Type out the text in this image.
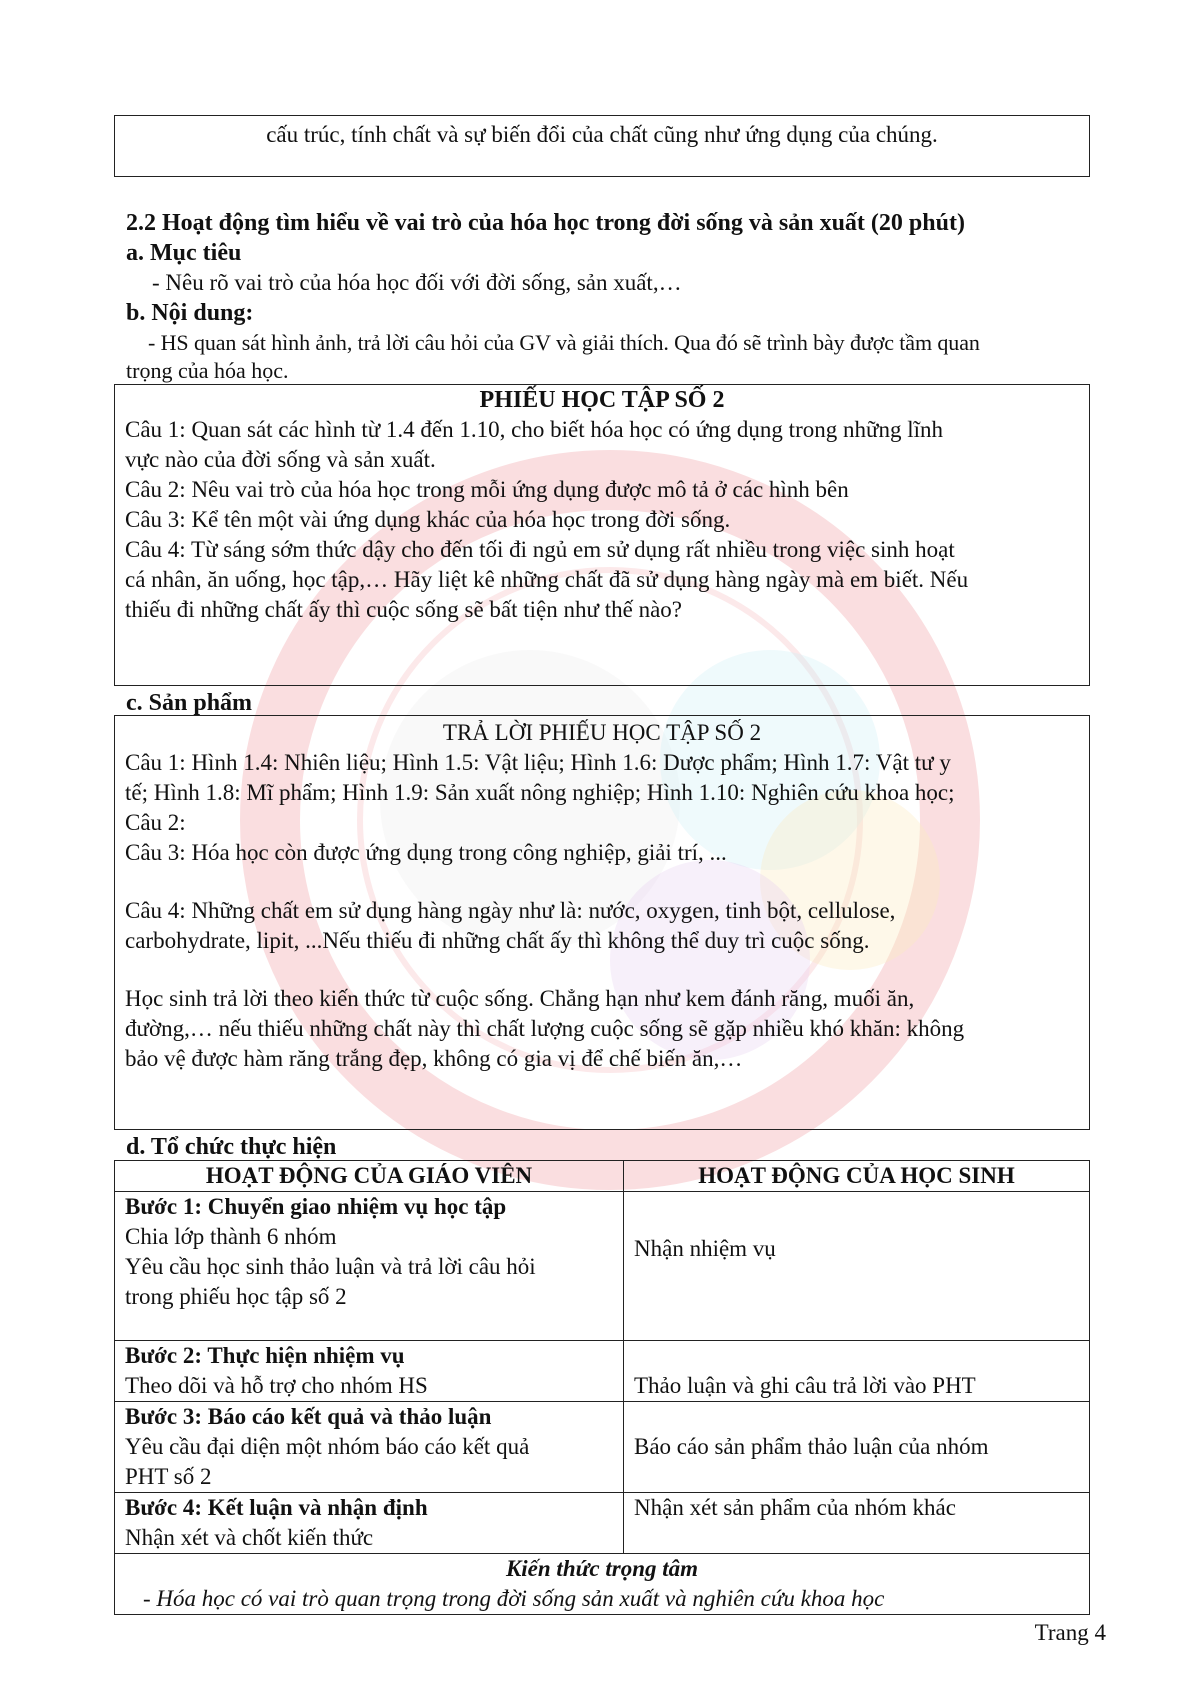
cấu trúc, tính chất và sự biến đổi của chất cũng như ứng dụng của chúng.
2.2 Hoạt động tìm hiểu về vai trò của hóa học trong đời sống và sản xuất (20 phút)
a. Mục tiêu
- Nêu rõ vai trò của hóa học đối với đời sống, sản xuất,…
b. Nội dung:
- HS quan sát hình ảnh, trả lời câu hỏi của GV và giải thích. Qua đó sẽ trình bày được tầm quan
trọng của hóa học.
PHIẾU HỌC TẬP SỐ 2
Câu 1: Quan sát các hình từ 1.4 đến 1.10, cho biết hóa học có ứng dụng trong những lĩnh
vực nào của đời sống và sản xuất.
Câu 2: Nêu vai trò của hóa học trong mỗi ứng dụng được mô tả ở các hình bên
Câu 3: Kể tên một vài ứng dụng khác của hóa học trong đời sống.
Câu 4: Từ sáng sớm thức dậy cho đến tối đi ngủ em sử dụng rất nhiều trong việc sinh hoạt
cá nhân, ăn uống, học tập,… Hãy liệt kê những chất đã sử dụng hàng ngày mà em biết. Nếu
thiếu đi những chất ấy thì cuộc sống sẽ bất tiện như thế nào?
c. Sản phẩm
TRẢ LỜI PHIẾU HỌC TẬP SỐ 2
Câu 1: Hình 1.4: Nhiên liệu; Hình 1.5: Vật liệu; Hình 1.6: Dược phẩm; Hình 1.7: Vật tư y
tế; Hình 1.8: Mĩ phẩm; Hình 1.9: Sản xuất nông nghiệp; Hình 1.10: Nghiên cứu khoa học;
Câu 2:
Câu 3: Hóa học còn được ứng dụng trong công nghiệp, giải trí, ...
Câu 4: Những chất em sử dụng hàng ngày như là: nước, oxygen, tinh bột, cellulose,
carbohydrate, lipit, ...Nếu thiếu đi những chất ấy thì không thể duy trì cuộc sống.
Học sinh trả lời theo kiến thức từ cuộc sống. Chẳng hạn như kem đánh răng, muối ăn,
đường,… nếu thiếu những chất này thì chất lượng cuộc sống sẽ gặp nhiều khó khăn: không
bảo vệ được hàm răng trắng đẹp, không có gia vị để chế biến ăn,…
d. Tổ chức thực hiện
HOẠT ĐỘNG CỦA GIÁO VIÊN	HOẠT ĐỘNG CỦA HỌC SINH

Bước 1: Chuyển giao nhiệm vụ học tập
Chia lớp thành 6 nhóm
Yêu cầu học sinh thảo luận và trả lời câu hỏi
trong phiếu học tập số 2	Nhận nhiệm vụ

Bước 2: Thực hiện nhiệm vụ
Theo dõi và hỗ trợ cho nhóm HS	Thảo luận và ghi câu trả lời vào PHT

Bước 3: Báo cáo kết quả và thảo luận
Yêu cầu đại diện một nhóm báo cáo kết quả
PHT số 2	Báo cáo sản phẩm thảo luận của nhóm

Bước 4: Kết luận và nhận định
Nhận xét và chốt kiến thức	Nhận xét sản phẩm của nhóm khác

Kiến thức trọng tâm
- Hóa học có vai trò quan trọng trong đời sống sản xuất và nghiên cứu khoa học	
Trang 4
